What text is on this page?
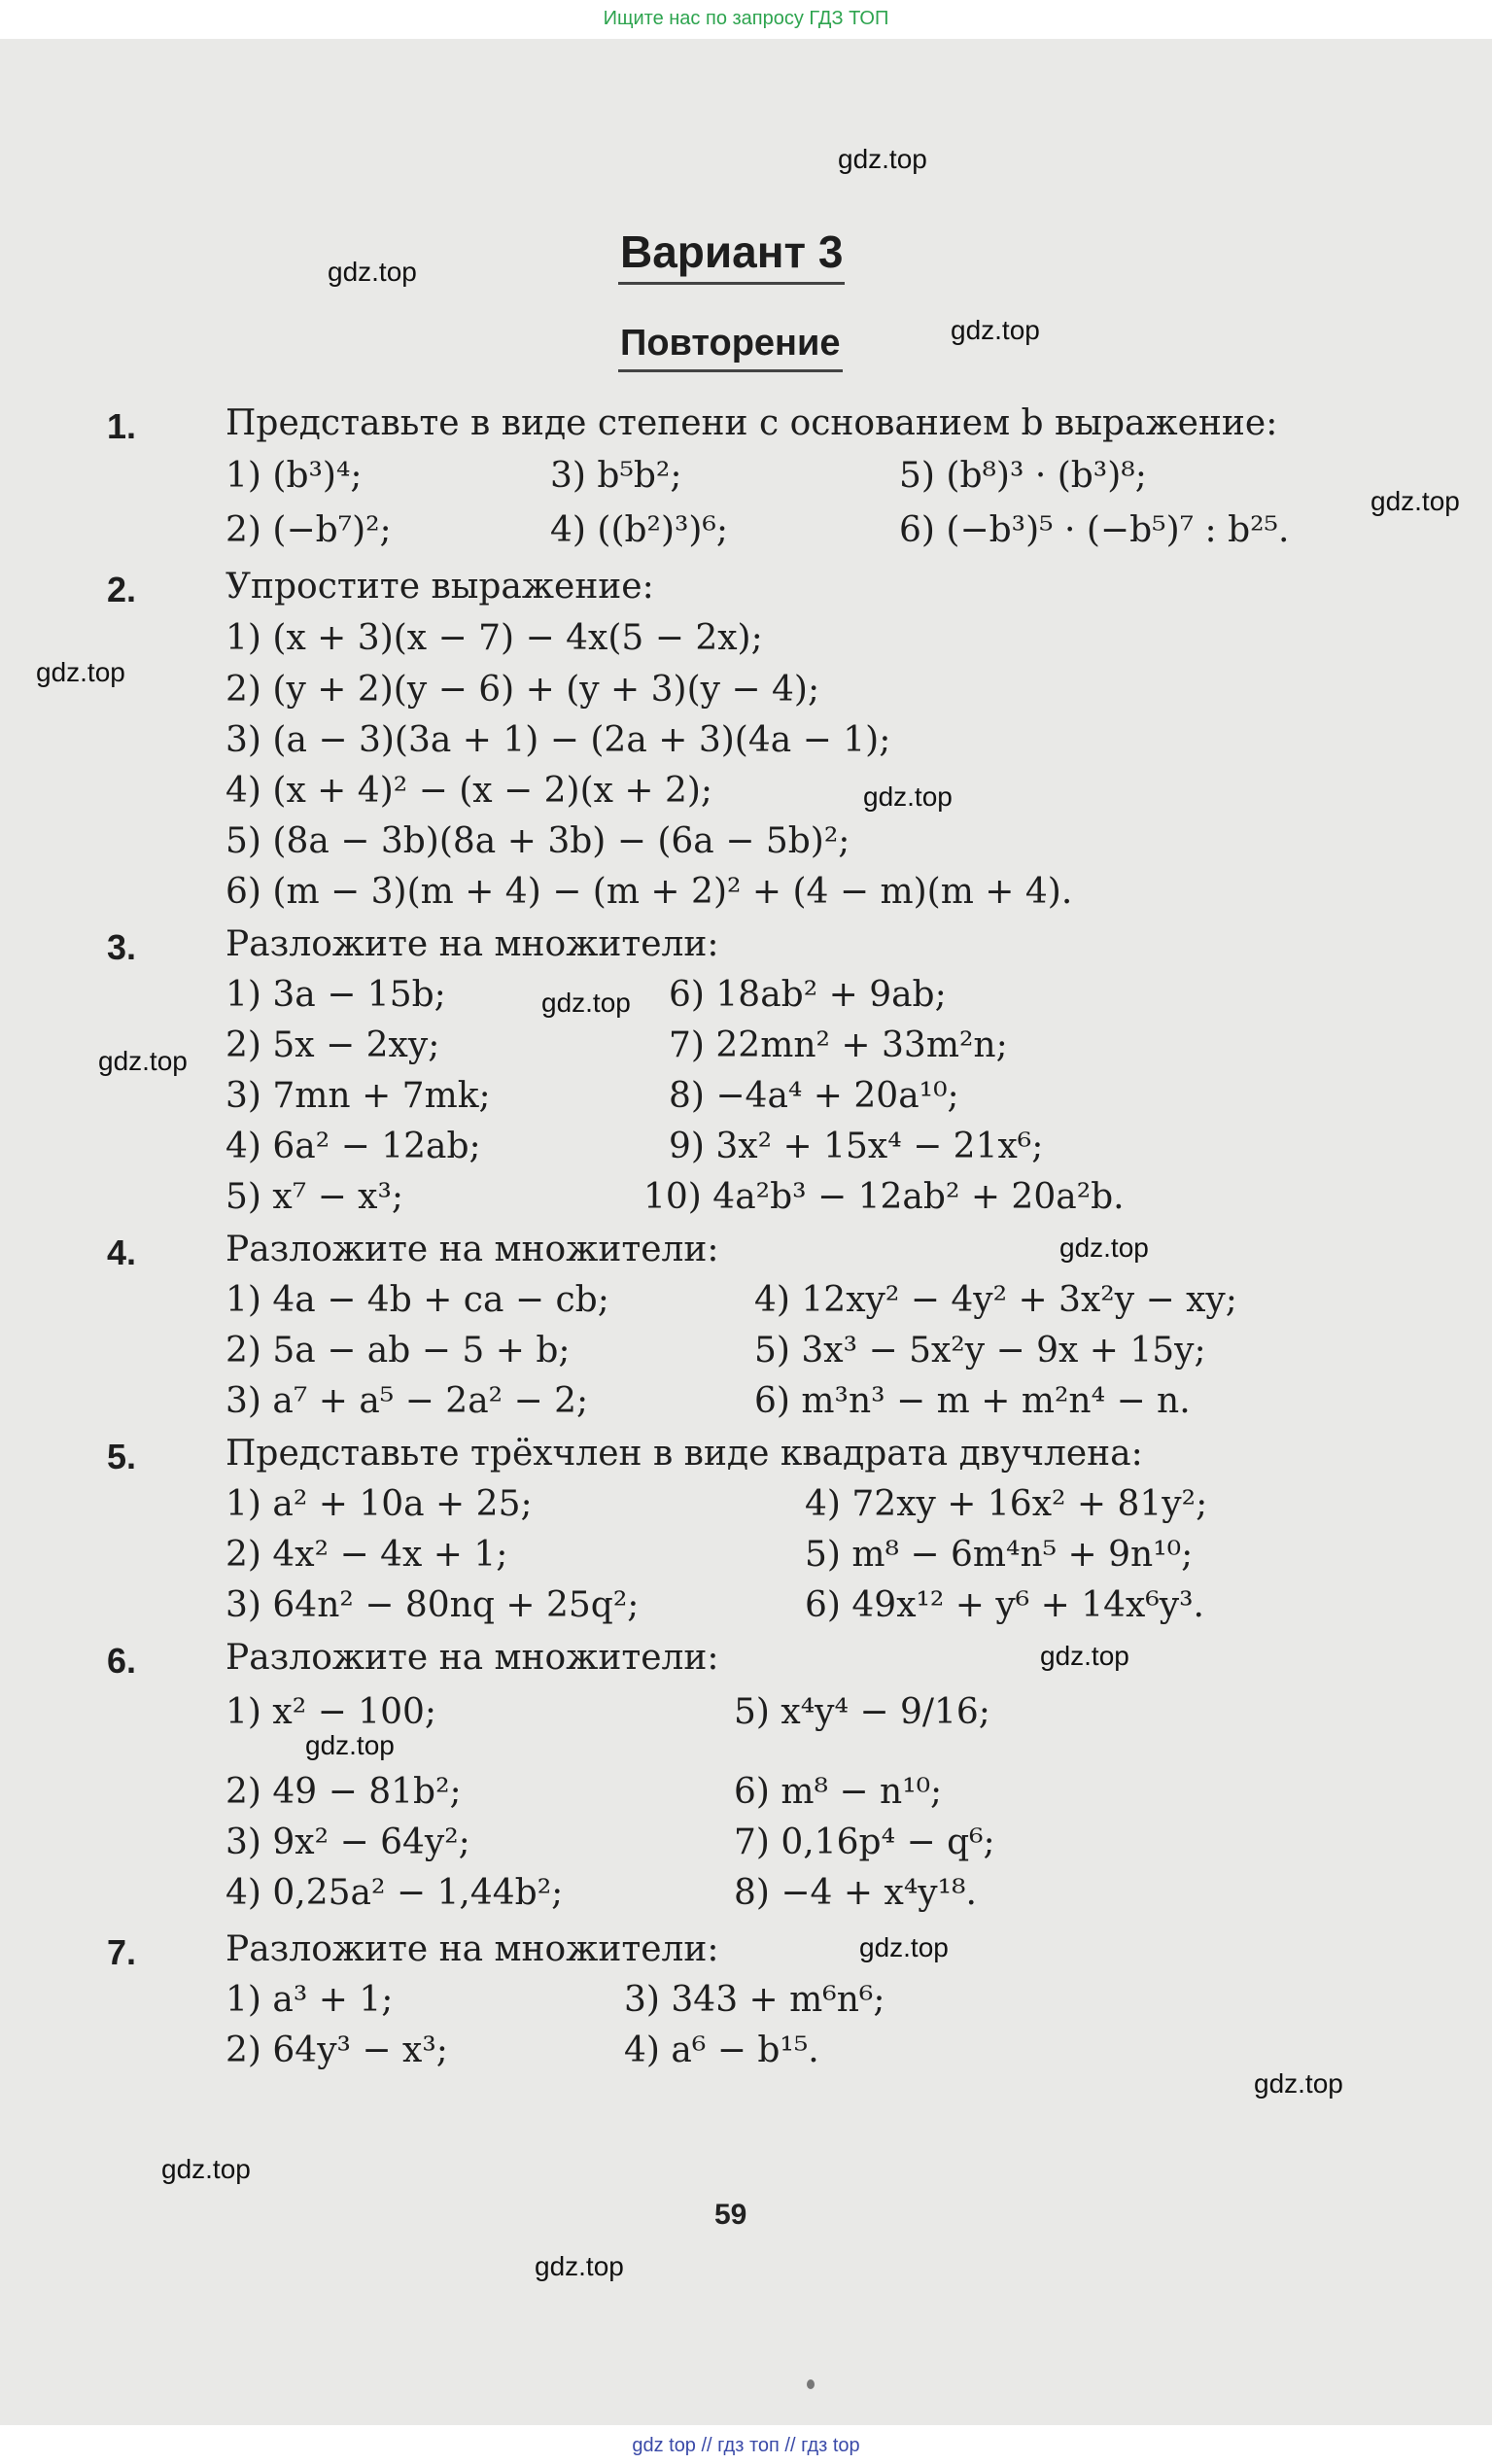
Ищите нас по запросу ГДЗ ТОП
Вариант 3
Повторение
1.	Представьте в виде степени с основанием b выражение:
1) (b³)⁴;	3) b⁵b²;	5) (b⁸)³ · (b³)⁸;
2) (−b⁷)²;	4) ((b²)³)⁶;	6) (−b³)⁵ · (−b⁵)⁷ : b²⁵.
2.	Упростите выражение:
1) (x + 3)(x − 7) − 4x(5 − 2x);
2) (y + 2)(y − 6) + (y + 3)(y − 4);
3) (a − 3)(3a + 1) − (2a + 3)(4a − 1);
4) (x + 4)² − (x − 2)(x + 2);
5) (8a − 3b)(8a + 3b) − (6a − 5b)²;
6) (m − 3)(m + 4) − (m + 2)² + (4 − m)(m + 4).
3.	Разложите на множители:
1) 3a − 15b;	6) 18ab² + 9ab;
2) 5x − 2xy;	7) 22mn² + 33m²n;
3) 7mn + 7mk;	8) −4a⁴ + 20a¹⁰;
4) 6a² − 12ab;	9) 3x² + 15x⁴ − 21x⁶;
5) x⁷ − x³;	10) 4a²b³ − 12ab² + 20a²b.
4.	Разложите на множители:
1) 4a − 4b + ca − cb;	4) 12xy² − 4y² + 3x²y − xy;
2) 5a − ab − 5 + b;	5) 3x³ − 5x²y − 9x + 15y;
3) a⁷ + a⁵ − 2a² − 2;	6) m³n³ − m + m²n⁴ − n.
5.	Представьте трёхчлен в виде квадрата двучлена:
1) a² + 10a + 25;	4) 72xy + 16x² + 81y²;
2) 4x² − 4x + 1;	5) m⁸ − 6m⁴n⁵ + 9n¹⁰;
3) 64n² − 80nq + 25q²;	6) 49x¹² + y⁶ + 14x⁶y³.
6.	Разложите на множители:
1) x² − 100;	5) x⁴y⁴ − 9/16;
2) 49 − 81b²;	6) m⁸ − n¹⁰;
3) 9x² − 64y²;	7) 0,16p⁴ − q⁶;
4) 0,25a² − 1,44b²;	8) −4 + x⁴y¹⁸.
7.	Разложите на множители:
1) a³ + 1;	3) 343 + m⁶n⁶;
2) 64y³ − x³;	4) a⁶ − b¹⁵.
59
gdz.top
gdz.top
gdz.top
gdz.top
gdz.top
gdz.top
gdz.top
gdz.top
gdz.top
gdz.top
gdz.top
gdz.top
gdz.top
gdz.top
gdz.top
gdz top // гдз топ // гдз top
